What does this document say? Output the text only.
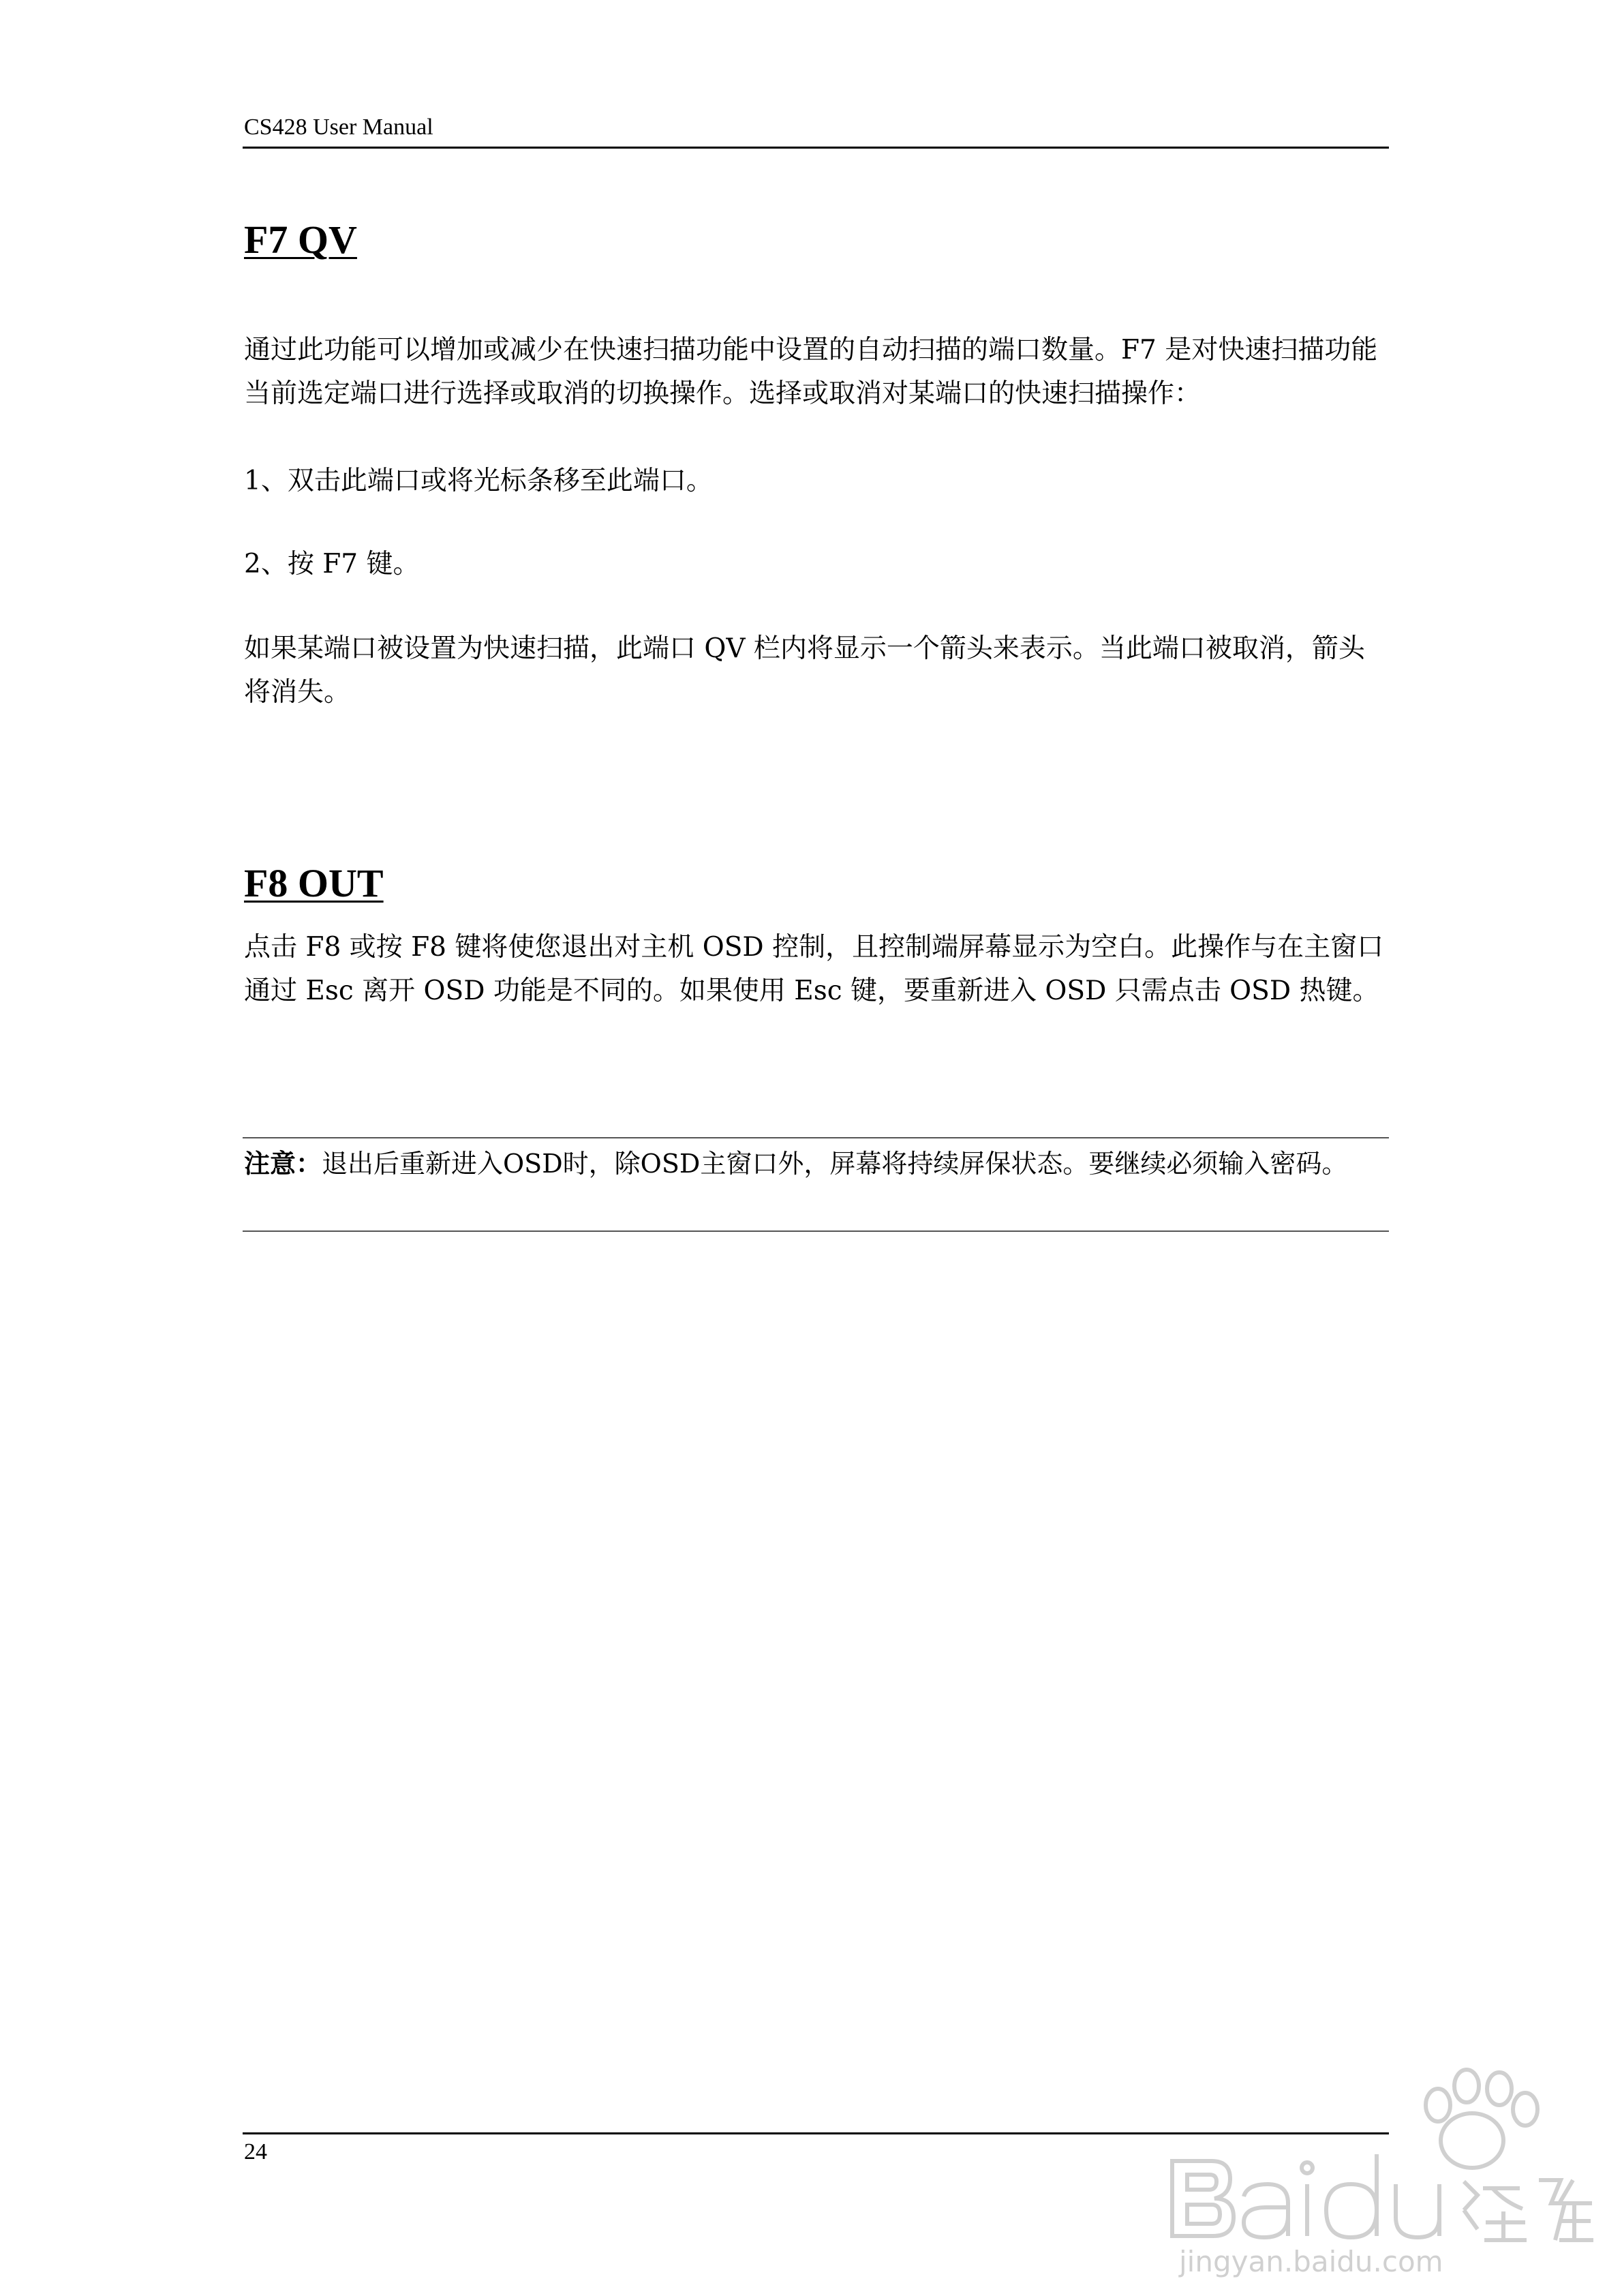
CS428 User Manual
F7 QV
通过此功能可以增加或减少在快速扫描功能中设置的自动扫描的端口数量。F7 是对快速扫描功能当前选定端口进行选择或取消的切换操作。选择或取消对某端口的快速扫描操作：
1、双击此端口或将光标条移至此端口。
2、按 F7 键。
如果某端口被设置为快速扫描，此端口 QV 栏内将显示一个箭头来表示。当此端口被取消，箭头将消失。
F8 OUT
点击 F8 或按 F8 键将使您退出对主机 OSD 控制，且控制端屏幕显示为空白。此操作与在主窗口通过 Esc 离开 OSD 功能是不同的。如果使用 Esc 键，要重新进入 OSD 只需点击 OSD 热键。
注意： 退出后重新进入OSD时，除OSD主窗口外，屏幕将持续屏保状态。要继续必须输入密码。
24
jingyan.baidu.com
